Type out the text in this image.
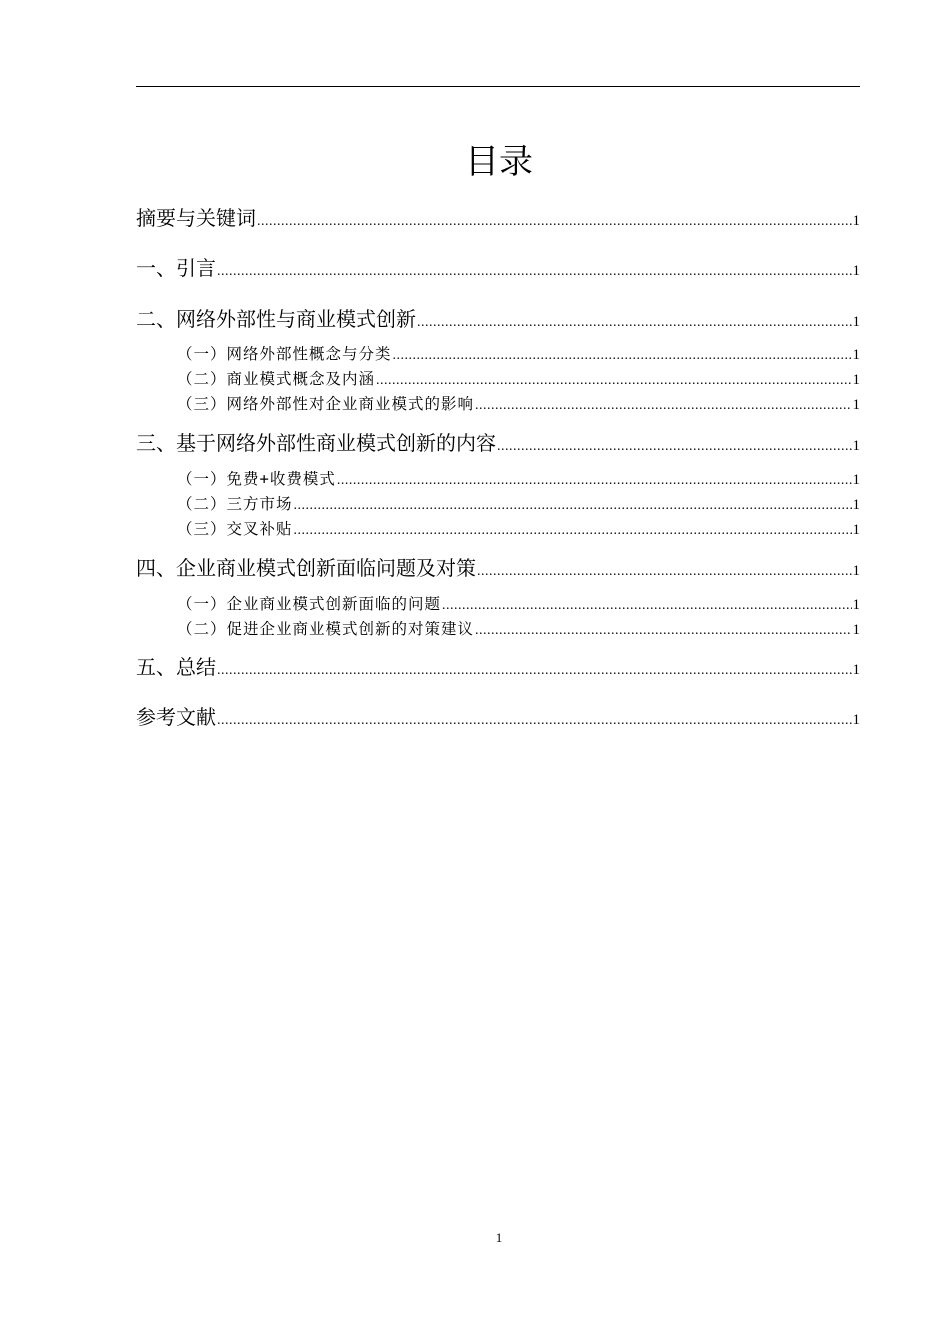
目录
摘要与关键词 .....	1
一、引言 .....	1
二、网络外部性与商业模式创新 .....	1
（一）网络外部性概念与分类 .....	1
（二）商业模式概念及内涵 .....	1
（三）网络外部性对企业商业模式的影响 .....	1
三、基于网络外部性商业模式创新的内容 .....	1
（一）免费+收费模式 .....	1
（二）三方市场 .....	1
（三）交叉补贴 .....	1
四、企业商业模式创新面临问题及对策 .....	1
（一）企业商业模式创新面临的问题 .....	1
（二）促进企业商业模式创新的对策建议 .....	1
五、总结 .....	1
参考文献 .....	1
1
